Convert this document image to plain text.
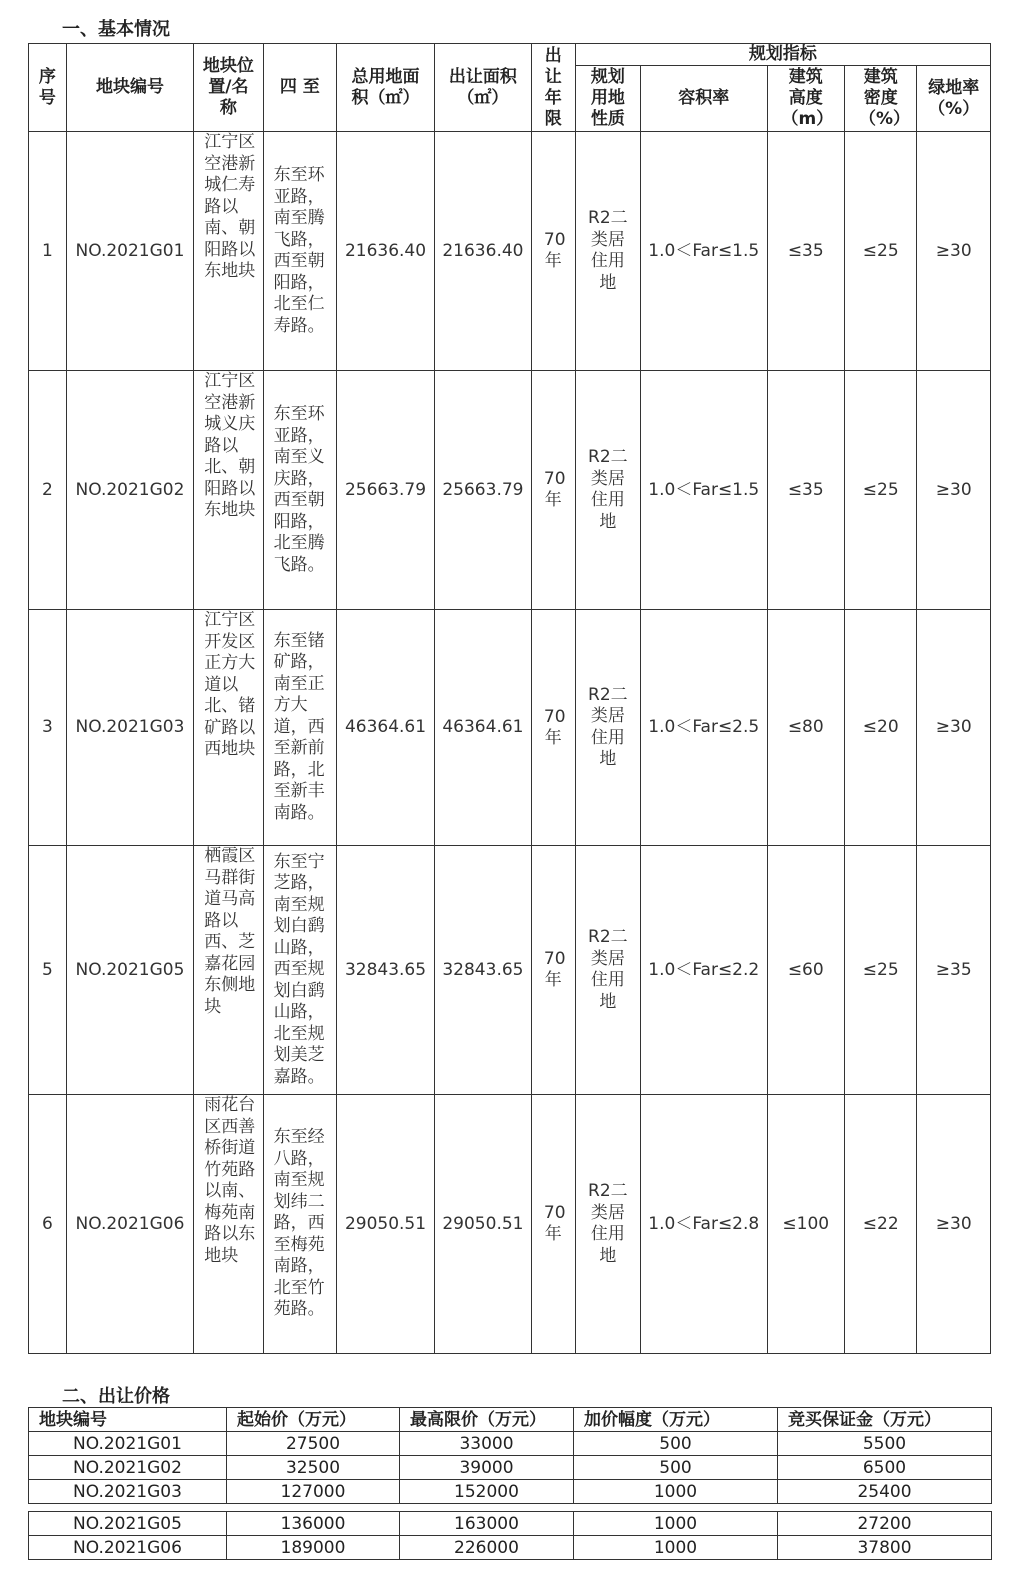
一、基本情况
序号	地块编号	地块位置/名称	四 至	总用地面积（㎡）	出让面积（㎡）	出让年限	规划指标				
							规划用地性质	容积率	建筑高度（m）	建筑密度（%）	绿地率（%）
1	NO.2021G01	江宁区空港新城仁寿路以南、朝阳路以东地块	东至环亚路，南至腾飞路，西至朝阳路，北至仁寿路。	21636.40	21636.40	70年	R2二类居住用地	1.0＜Far≤1.5	≤35	≤25	≥30
2	NO.2021G02	江宁区空港新城义庆路以北、朝阳路以东地块	东至环亚路，南至义庆路，西至朝阳路，北至腾飞路。	25663.79	25663.79	70年	R2二类居住用地	1.0＜Far≤1.5	≤35	≤25	≥30
3	NO.2021G03	江宁区开发区正方大道以北、锗矿路以西地块	东至锗矿路，南至正方大道，西至新前路，北至新丰南路。	46364.61	46364.61	70年	R2二类居住用地	1.0＜Far≤2.5	≤80	≤20	≥30
5	NO.2021G05	栖霞区马群街道马高路以西、芝嘉花园东侧地块	东至宁芝路，南至规划白鹞山路，西至规划白鹞山路，北至规划美芝嘉路。	32843.65	32843.65	70年	R2二类居住用地	1.0＜Far≤2.2	≤60	≤25	≥35
6	NO.2021G06	雨花台区西善桥街道竹苑路以南、梅苑南路以东地块	东至经八路，南至规划纬二路，西至梅苑南路，北至竹苑路。	29050.51	29050.51	70年	R2二类居住用地	1.0＜Far≤2.8	≤100	≤22	≥30
二、出让价格
地块编号	起始价（万元）	最高限价（万元）	加价幅度（万元）	竞买保证金（万元）
NO.2021G01	27500	33000	500	5500
NO.2021G02	32500	39000	500	6500
NO.2021G03	127000	152000	1000	25400

NO.2021G05	136000	163000	1000	27200
NO.2021G06	189000	226000	1000	37800
